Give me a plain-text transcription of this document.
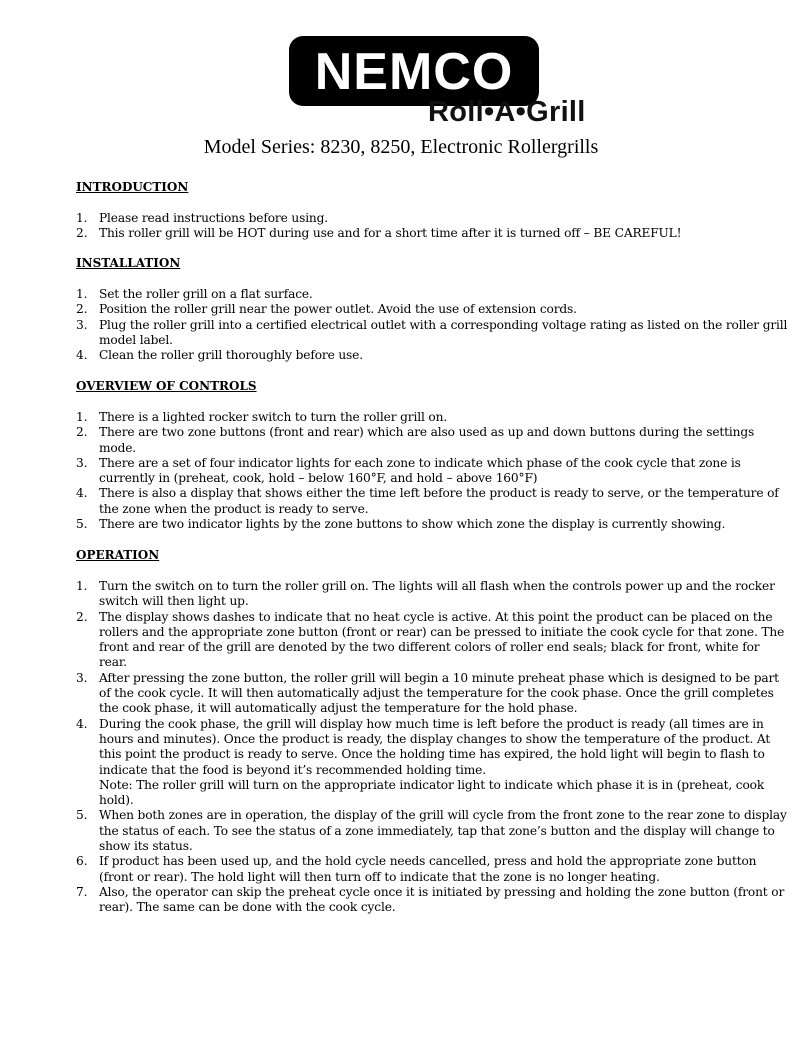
NEMCO
Roll•A•Grill
Model Series: 8230, 8250, Electronic Rollergrills
INTRODUCTION
1. Please read instructions before using.
2. This roller grill will be HOT during use and for a short time after it is turned off – BE CAREFUL!
INSTALLATION
1. Set the roller grill on a flat surface.
2. Position the roller grill near the power outlet. Avoid the use of extension cords.
3. Plug the roller grill into a certified electrical outlet with a corresponding voltage rating as listed on the roller grill model label.
4. Clean the roller grill thoroughly before use.
OVERVIEW OF CONTROLS
1. There is a lighted rocker switch to turn the roller grill on.
2. There are two zone buttons (front and rear) which are also used as up and down buttons during the settings mode.
3. There are a set of four indicator lights for each zone to indicate which phase of the cook cycle that zone is currently in (preheat, cook, hold – below 160°F, and hold – above 160°F)
4. There is also a display that shows either the time left before the product is ready to serve, or the temperature of the zone when the product is ready to serve.
5. There are two indicator lights by the zone buttons to show which zone the display is currently showing.
OPERATION
1. Turn the switch on to turn the roller grill on. The lights will all flash when the controls power up and the rocker switch will then light up.
2. The display shows dashes to indicate that no heat cycle is active. At this point the product can be placed on the rollers and the appropriate zone button (front or rear) can be pressed to initiate the cook cycle for that zone. The front and rear of the grill are denoted by the two different colors of roller end seals; black for front, white for rear.
3. After pressing the zone button, the roller grill will begin a 10 minute preheat phase which is designed to be part of the cook cycle. It will then automatically adjust the temperature for the cook phase. Once the grill completes the cook phase, it will automatically adjust the temperature for the hold phase.
4. During the cook phase, the grill will display how much time is left before the product is ready (all times are in hours and minutes). Once the product is ready, the display changes to show the temperature of the product. At this point the product is ready to serve. Once the holding time has expired, the hold light will begin to flash to indicate that the food is beyond it’s recommended holding time.
Note: The roller grill will turn on the appropriate indicator light to indicate which phase it is in (preheat, cook hold).
5. When both zones are in operation, the display of the grill will cycle from the front zone to the rear zone to display the status of each. To see the status of a zone immediately, tap that zone’s button and the display will change to show its status.
6. If product has been used up, and the hold cycle needs cancelled, press and hold the appropriate zone button (front or rear). The hold light will then turn off to indicate that the zone is no longer heating.
7. Also, the operator can skip the preheat cycle once it is initiated by pressing and holding the zone button (front or rear). The same can be done with the cook cycle.
